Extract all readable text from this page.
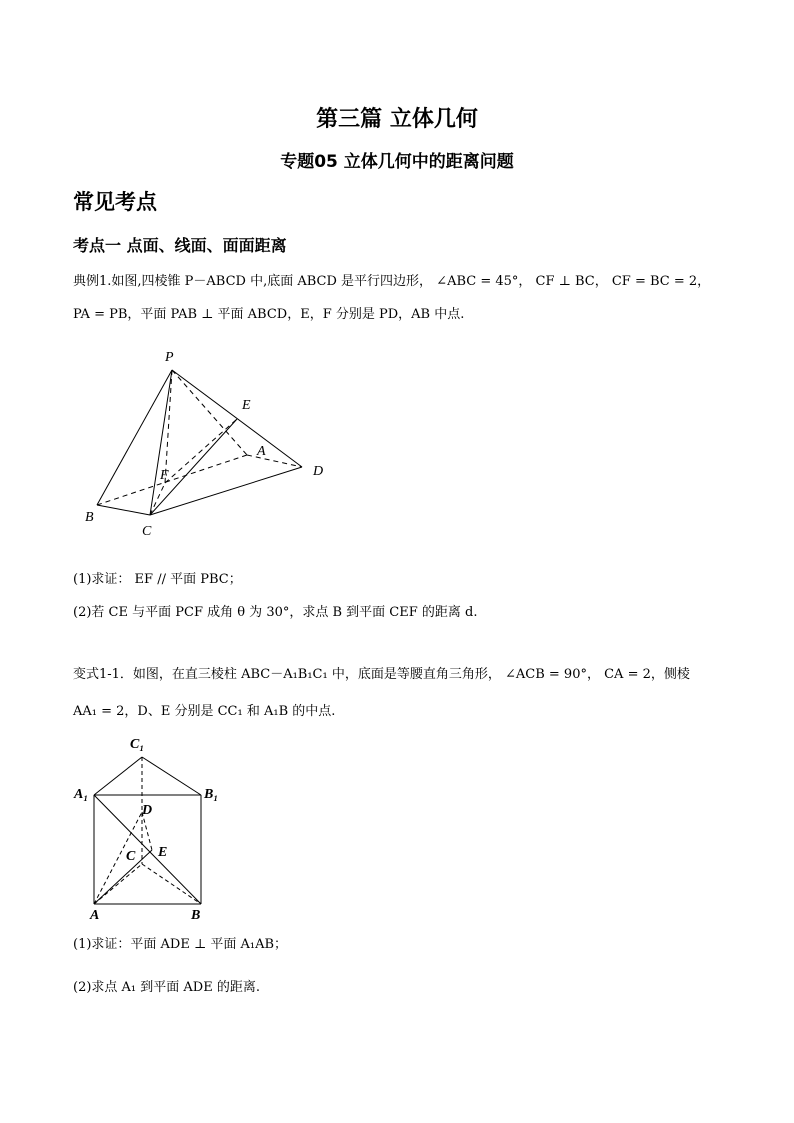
第三篇 立体几何
专题05 立体几何中的距离问题
常见考点
考点一 点面、线面、面面距离
典例1.如图,四棱锥 P－ABCD 中,底面 ABCD 是平行四边形， ∠ABC = 45°， CF ⊥ BC， CF = BC = 2，
PA = PB，平面 PAB ⊥ 平面 ABCD，E，F 分别是 PD，AB 中点.
P
E
A
D
F
B
C
(1)求证： EF // 平面 PBC；
(2)若 CE 与平面 PCF 成角 θ 为 30°，求点 B 到平面 CEF 的距离 d.
变式1-1．如图，在直三棱柱 ABC－A₁B₁C₁ 中，底面是等腰直角三角形， ∠ACB = 90°， CA = 2，侧棱
AA₁ = 2，D、E 分别是 CC₁ 和 A₁B 的中点.
C₁
A₁	B₁
D
E
C
A	B
(1)求证：平面 ADE ⊥ 平面 A₁AB；
(2)求点 A₁ 到平面 ADE 的距离.
